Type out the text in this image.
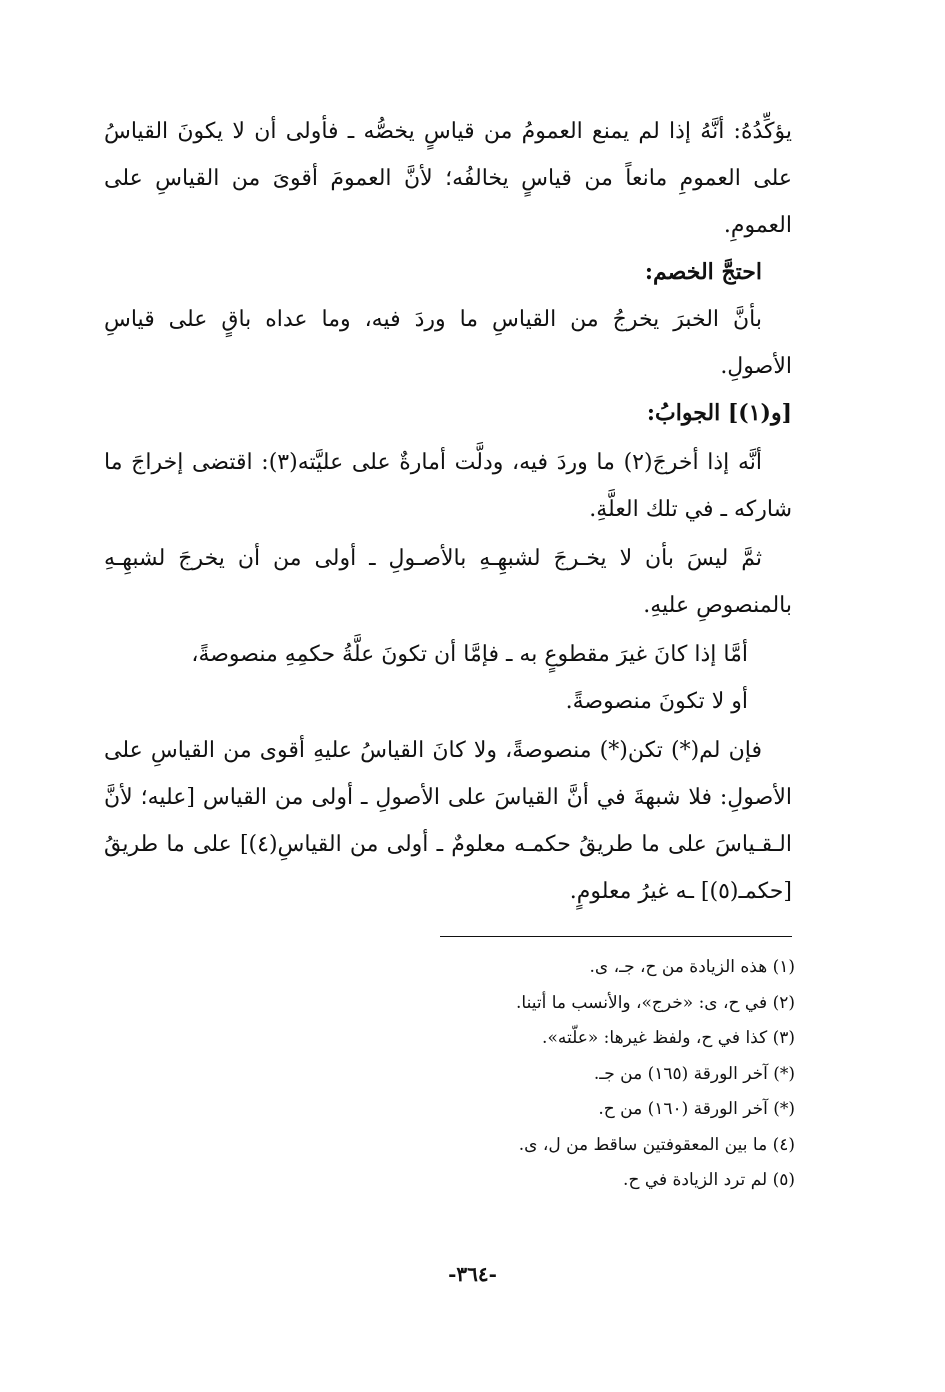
يؤكِّدُهُ: أنَّهُ إذا لم يمنع العمومُ من قياسٍ يخصُّه ـ فأولى أن لا يكونَ القياسُ
على العمومِ مانعاً من قياسٍ يخالفُه؛ لأنَّ العمومَ أقوىَ من القياسِ على
العمومِ.
احتجَّ الخصم:
بأنَّ الخبرَ يخرجُ من القياسِ ما وردَ فيه، وما عداه باقٍ على قياسِ
الأصولِ.
[و(١)] الجوابُ:
أنَّه إذا أخرجَ(٢) ما وردَ فيه، ودلَّت أمارةٌ على عليَّته(٣): اقتضى إخراجَ ما
شاركه ـ في تلك العلَّةِ.
ثمَّ ليسَ بأن لا يخـرجَ لشبهِـهِ بالأصـولِ ـ أولى من أن يخرجَ لشبهِـهِ
بالمنصوصِ عليهِ.
أمَّا إذا كانَ غيرَ مقطوعٍ به ـ فإمَّا أن تكونَ علَّةُ حكمِهِ منصوصةً،
أو لا تكونَ منصوصةً.
فإن لم(*) تكن(*) منصوصةً، ولا كانَ القياسُ عليهِ أقوى من القياسِ على
الأصولِ: فلا شبهةَ في أنَّ القياسَ على الأصولِ ـ أولى من القياس [عليه؛ لأنَّ
الـقـياسَ على ما طريقُ حكمـه معلومٌ ـ أولى من القياسِ(٤)] على ما طريقُ
[حكمـ(٥)] ـه غيرُ معلومٍ.
(١) هذه الزيادة من ح، جـ، ى.
(٢) في ح، ى: «خرج»، والأنسب ما أتينا.
(٣) كذا في ح، ولفظ غيرها: «علّته».
(*) آخر الورقة (١٦٥) من جـ.
(*) آخر الورقة (١٦٠) من ح.
(٤) ما بين المعقوفتين ساقط من ل، ى.
(٥) لم ترد الزيادة في ح.
-٣٦٤-
